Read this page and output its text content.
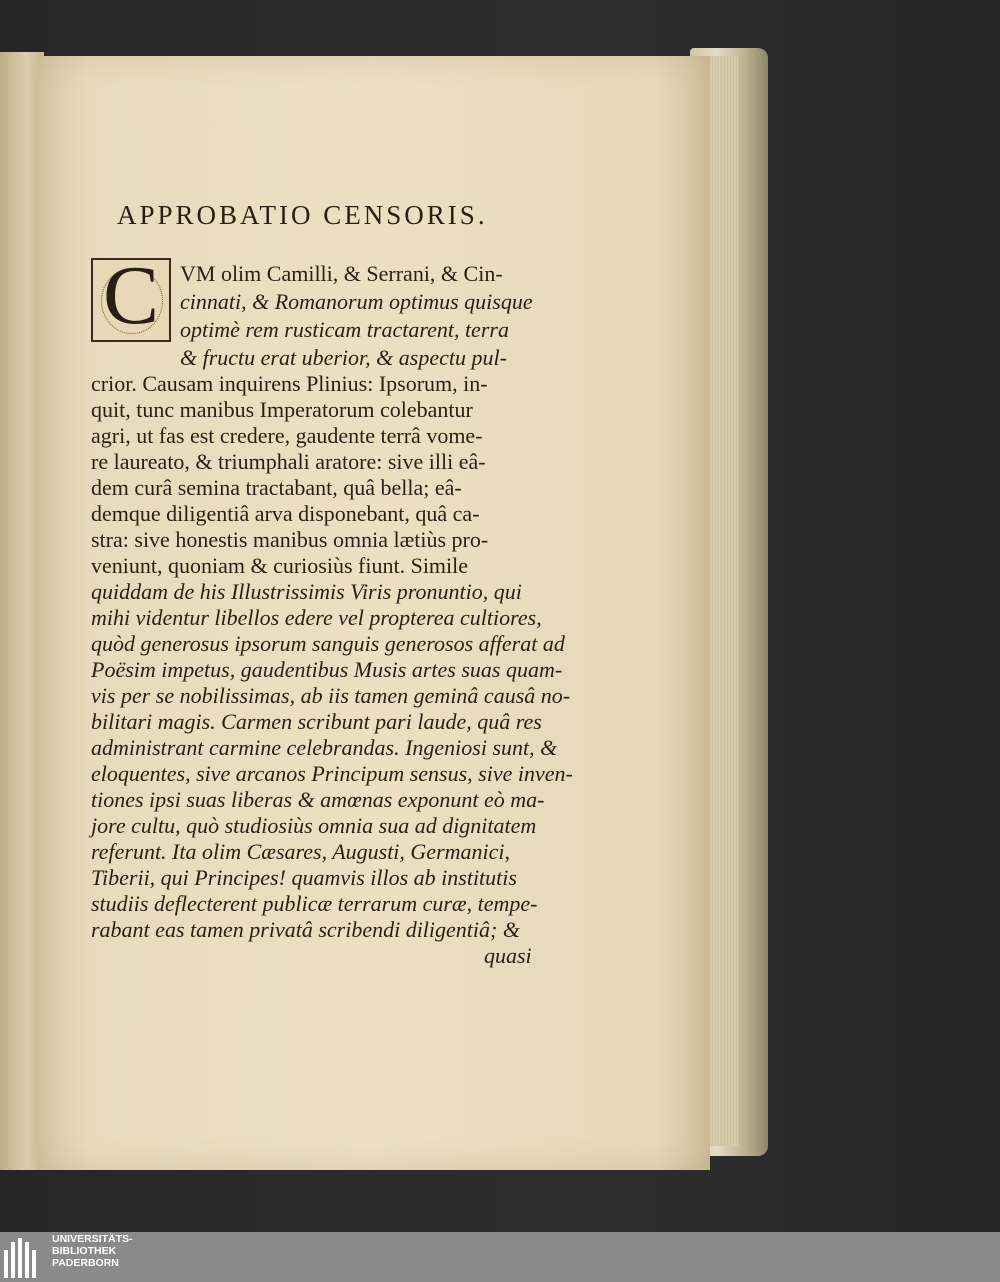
APPROBATIO CENSORIS.
C VM olim Camilli, & Serrani, & Cin-
cinnati, & Romanorum optimus quisque
optimè rem rusticam tractarent, terra
& fructu erat uberior, & aspectu pul-
crior. Causam inquirens Plinius: Ipsorum, in-
quit, tunc manibus Imperatorum colebantur
agri, ut fas est credere, gaudente terrâ vome-
re laureato, & triumphali aratore: sive illi eâ-
dem curâ semina tractabant, quâ bella; eâ-
demque diligentiâ arva disponebant, quâ ca-
stra: sive honestis manibus omnia lætiùs pro-
veniunt, quoniam & curiosiùs fiunt. Simile
quiddam de his Illustrissimis Viris pronuntio, qui
mihi videntur libellos edere vel propterea cultiores,
quòd generosus ipsorum sanguis generosos afferat ad
Poësim impetus, gaudentibus Musis artes suas quam-
vis per se nobilissimas, ab iis tamen geminâ causâ no-
bilitari magis. Carmen scribunt pari laude, quâ res
administrant carmine celebrandas. Ingeniosi sunt, &
eloquentes, sive arcanos Principum sensus, sive inven-
tiones ipsi suas liberas & amœnas exponunt eò ma-
jore cultu, quò studiosiùs omnia sua ad dignitatem
referunt. Ita olim Cæsares, Augusti, Germanici,
Tiberii, qui Principes! quamvis illos ab institutis
studiis deflecterent publicæ terrarum curæ, tempe-
rabant eas tamen privatâ scribendi diligentiâ; &
quasi
UNIVERSITÄTS-
BIBLIOTHEK
PADERBORN
